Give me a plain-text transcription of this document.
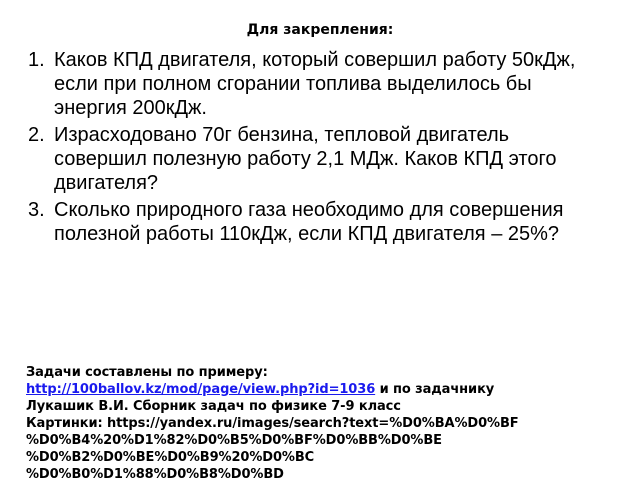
Для закрепления:
1. Каков КПД двигателя, который совершил работу 50кДж,
если при полном сгорании топлива выделилось бы
энергия 200кДж.
2. Израсходовано 70г бензина, тепловой двигатель
совершил полезную работу 2,1 МДж. Каков КПД этого
двигателя?
3. Сколько природного газа необходимо для совершения
полезной работы 110кДж, если КПД двигателя – 25%?
Задачи составлены по примеру:
http://100ballov.kz/mod/page/view.php?id=1036 и по задачнику
Лукашик В.И. Сборник задач по физике 7-9 класс
Картинки: https://yandex.ru/images/search?text=%D0%BA%D0%BF
%D0%B4%20%D1%82%D0%B5%D0%BF%D0%BB%D0%BE
%D0%B2%D0%BE%D0%B9%20%D0%BC
%D0%B0%D1%88%D0%B8%D0%BD
